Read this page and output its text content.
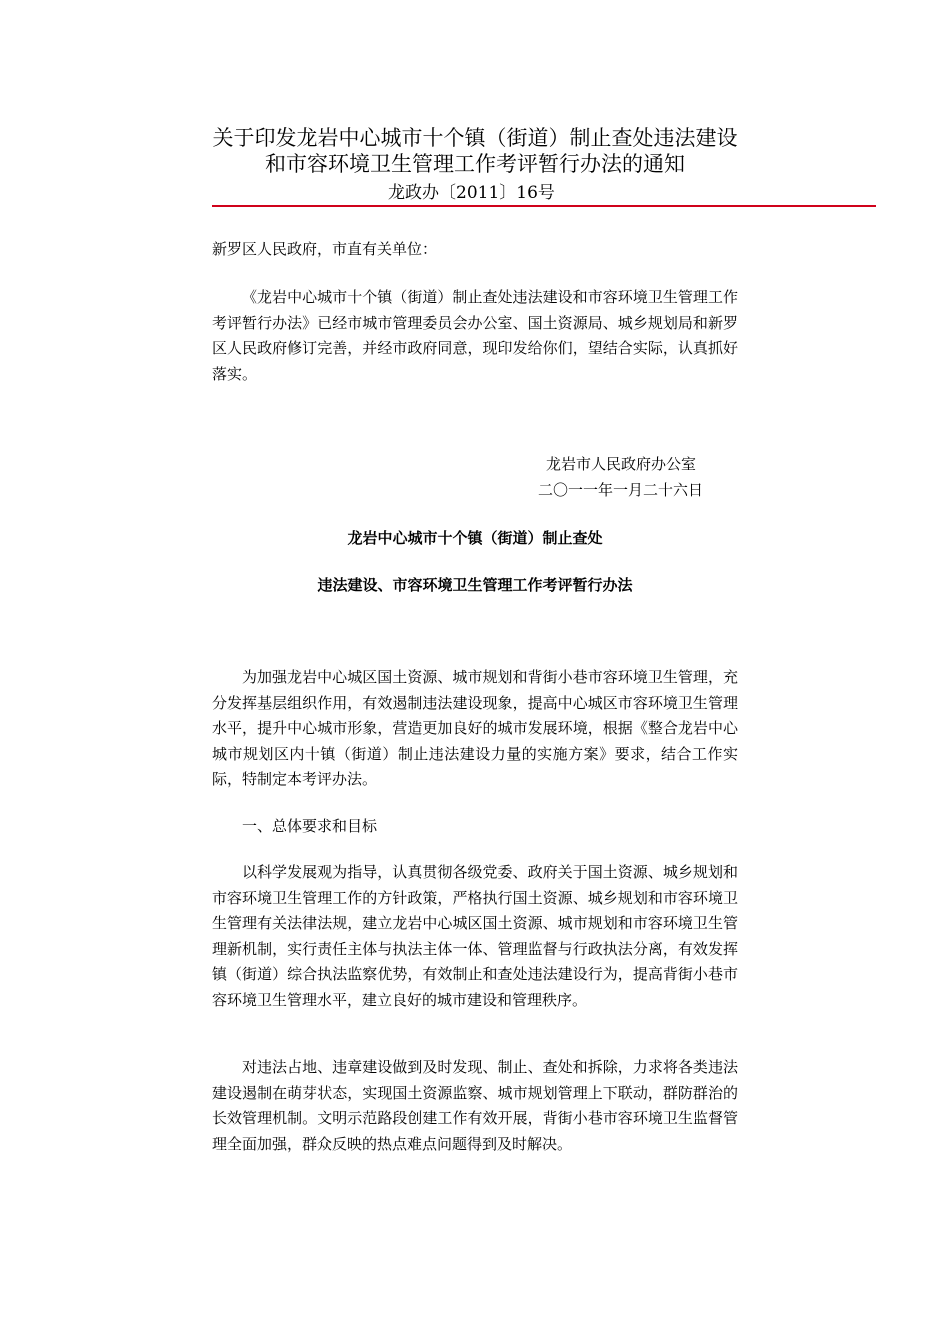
关于印发龙岩中心城市十个镇（街道）制止查处违法建设
和市容环境卫生管理工作考评暂行办法的通知
龙政办〔2011〕16号
新罗区人民政府，市直有关单位：
《龙岩中心城市十个镇（街道）制止查处违法建设和市容环境卫生管理工作考评暂行办法》已经市城市管理委员会办公室、国土资源局、城乡规划局和新罗区人民政府修订完善，并经市政府同意，现印发给你们，望结合实际，认真抓好落实。
龙岩市人民政府办公室
二〇一一年一月二十六日
龙岩中心城市十个镇（街道）制止查处
违法建设、市容环境卫生管理工作考评暂行办法
为加强龙岩中心城区国土资源、城市规划和背街小巷市容环境卫生管理，充分发挥基层组织作用，有效遏制违法建设现象，提高中心城区市容环境卫生管理水平，提升中心城市形象，营造更加良好的城市发展环境，根据《整合龙岩中心城市规划区内十镇（街道）制止违法建设力量的实施方案》要求，结合工作实际，特制定本考评办法。
一、总体要求和目标
以科学发展观为指导，认真贯彻各级党委、政府关于国土资源、城乡规划和市容环境卫生管理工作的方针政策，严格执行国土资源、城乡规划和市容环境卫生管理有关法律法规，建立龙岩中心城区国土资源、城市规划和市容环境卫生管理新机制，实行责任主体与执法主体一体、管理监督与行政执法分离，有效发挥镇（街道）综合执法监察优势，有效制止和查处违法建设行为，提高背街小巷市容环境卫生管理水平，建立良好的城市建设和管理秩序。
对违法占地、违章建设做到及时发现、制止、查处和拆除，力求将各类违法建设遏制在萌芽状态，实现国土资源监察、城市规划管理上下联动，群防群治的长效管理机制。文明示范路段创建工作有效开展，背街小巷市容环境卫生监督管理全面加强，群众反映的热点难点问题得到及时解决。
